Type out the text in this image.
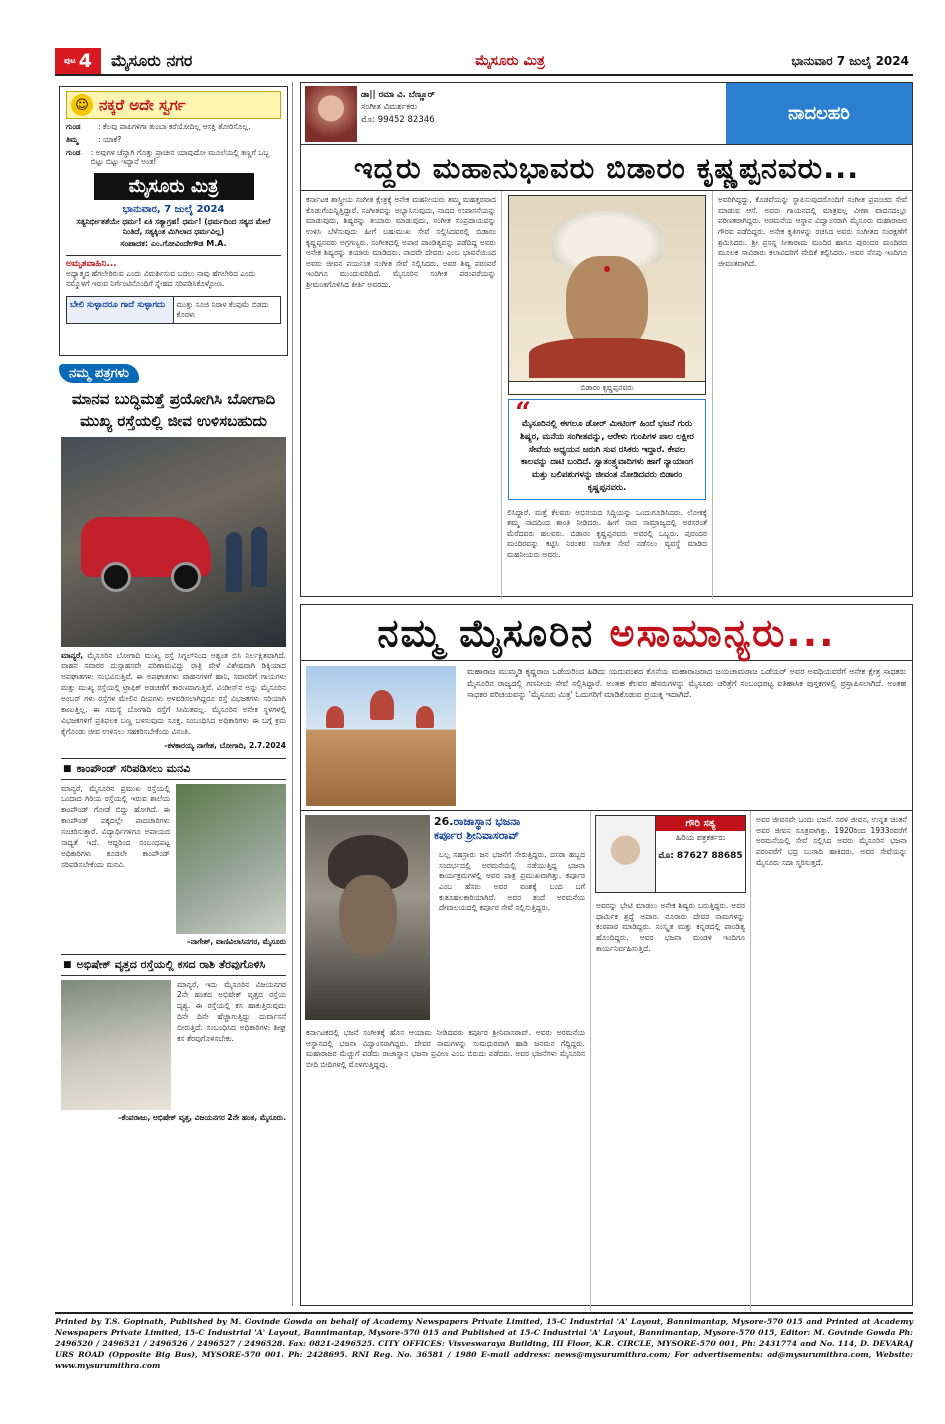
ಪುಟ 4 ಮೈಸೂರು ನಗರ	ಮೈಸೂರು ಮಿತ್ರ	ಭಾನುವಾರ 7 ಜುಲೈ 2024
☺ ನಕ್ಕರೆ ಅದೇ ಸ್ವರ್ಗ
ಗುಂಡ	: ಕೆಲವು ಪಾಪಿಗಳಿಗಾ ತುಂಬಾ ಕರೆಯೋದಿಲ್ಲ ಆಸಕ್ತಿ ತೋರಿಸೊಲ್ಲ.
ತಿಮ್ಮ	: ಯಾಕೆ?
ಗುಂಡ	: ಅವುಗಳ ಚೆನ್ನಾಗಿ ಗೊತ್ತು ಪ್ರಾಚೀನ ಯಾವುದೋ ಮೂಲೆಯಲ್ಲಿ ತಣ್ಣಗೆ ಒಬ್ಬ ಬಿಟ್ಟು ಬಿಟ್ಟು ಇದ್ದಾನೆ ಅಂತ!
ಮೈಸೂರು ಮಿತ್ರ
ಭಾನುವಾರ, 7 ಜುಲೈ 2024
ಸತ್ಯನಿರ್ಭೀತತೆಯೇ ಧರ್ಮ! ಏಕಿ ಸತ್ಯಾಗ್ರಹ! ಧರ್ಮ! (ಧರ್ಮದಿಂದ ಸತ್ಯದ ಮೇಲೆ ನಿಂತಿದೆ, ಸತ್ಯಕ್ಕಿಂತ ಮಿಗಿಲಾದ ಧರ್ಮವಿಲ್ಲ)
ಸಂಪಾದಕ: ಎಂ.ಗೋವಿಂದೇಗೌಡ M.A.
ಅಮೃತವಾಹಿನಿ...
ಅಧ್ಯಾತ್ಮದ ಹೆಗಲೇರಿರುವ ಎಂದು ವಿಮರ್ಶಿಸುವ ಬದಲು ನಾವು ಹೆಗಲೇರಿದ ಎಂದು ನಮ್ಮೊಳಗೆ ಇರುವ ನಿರ್ಗೆಂಟಿನೊಂದಿಗೆ ಸ್ನೇಹದ ಸರಿಪಡಿಸಿಕೊಳ್ಳೋಣ.
ಬೇಲಿ ಸುಳ್ಳಾದರೂ ಗಾದೆ ಸುಳ್ಳಾಗದು	ಮುತ್ತು ಸೂಜಿ ನಿರಾಳ ಕೆಂಪುಮೆ ಬಿಡದು ಕೊರಳು
ನಮ್ಮ ಪತ್ರಗಳು
ಮಾನವ ಬುದ್ಧಿಮತ್ತೆ ಪ್ರಯೋಗಿಸಿ ಬೋಗಾದಿ ಮುಖ್ಯ ರಸ್ತೆಯಲ್ಲಿ ಜೀವ ಉಳಿಸಬಹುದು
ಮಾನ್ಯರೆ, ಮೈಸೂರಿನ ಬೋಗಾದಿ ಮುಖ್ಯ ರಸ್ತೆ ಸಿಗ್ನಲ್‌ನಿಂದ ಅತ್ಯಂತ ಬಿಸಿ ನಿರ್ಲಕ್ಷಿತವಾಗಿದೆ. ವಾಹನ ಸವಾರರ ದುಸ್ಸಾಹಸವೇ ಪರಿಣಾಮವಿದ್ದು ರಾತ್ರಿ ವೇಳೆ ವಿಶೇಷವಾಗಿ ಡಿಕ್ಕಿಯಾದ ಅಪಘಾತಗಳು ಸಂಭವಿಸುತ್ತಿವೆ. ಈ ಅಪಘಾತಗಳು ವಾಹನಗಳಿಗೆ ಹಾನಿ, ಸವಾರರಿಗೆ ಗಾಯಗಳು ಮತ್ತು ಮುಖ್ಯ ರಸ್ತೆಯಲ್ಲಿ ಟ್ರಾಫಿಕ್ ಅಡಚಣೆಗೆ ಕಾರಣವಾಗುತ್ತಿವೆ. ವಿಂಡೀಸ್‌ನ ಅನ್ನು ಮೈಸೂರಿನ ಅಂಬರ್ ಗಳು ರಸ್ತೆಗಳ ಮೇಲಿನ ದೀಪಗಳು ಅಳವಡಿಸಲಾಗಿದ್ದರೂ ರಸ್ತೆ ವಿಭಜಕಗಳು ಸರಿಯಾಗಿ ಕಾಣುತ್ತಿಲ್ಲ. ಈ ಸಮಸ್ಯೆ ಬೋಗಾದಿ ರಸ್ತೆಗೆ ಸೀಮಿತವಲ್ಲ. ಮೈಸೂರಿನ ಅನೇಕ ಸ್ಥಳಗಳಲ್ಲಿ ವಿಭಜಕಗಳಿಗೆ ಪ್ರತಿಫಲಕ ಬಣ್ಣ ಬಳಸುವುದು ಸೂಕ್ತ. ಸಂಬಂಧಿಸಿದ ಅಧಿಕಾರಿಗಳು ಈ ಬಗ್ಗೆ ಕ್ರಮ ಕೈಗೊಂಡು ಜೀವ ಉಳಿಸಲು ಸಹಕರಿಸಬೇಕೆಂದು ವಿನಂತಿ.
–ಕಳಕಾರಯ್ಯ ನಾಗೇಶ, ಬೋಗಾದಿ, 2.7.2024
■ ಕಾಂಪೌಂಡ್ ಸರಿಪಡಿಸಲು ಮನವಿ
ಮಾನ್ಯರೆ, ಮೈಸೂರಿನ ಪ್ರಮುಖ ರಸ್ತೆಯಲ್ಲಿ ಒಂದಾದ ಗಿರಿಯ ರಸ್ತೆಯಲ್ಲಿ ಇರುವ ಶಾಲೆಯ ಕಾಂಪೌಂಡ್ ಗೋಡೆ ಬಿದ್ದು ಹೋಗಿದೆ. ಈ ಕಾಂಪೌಂಡ್ ಪಕ್ಕದಲ್ಲೇ ಪಾದಚಾರಿಗಳು ಸಂಚರಿಸುತ್ತಾರೆ. ವಿದ್ಯಾರ್ಥಿಗಳಿಗೂ ಅಪಾಯದ ಸಾಧ್ಯತೆ ಇದೆ. ಆದ್ದರಿಂದ ಸಂಬಂಧಪಟ್ಟ ಅಧಿಕಾರಿಗಳು ಕೂಡಲೇ ಕಾಂಪೌಂಡ್ ಸರಿಪಡಿಸಬೇಕೆಂದು ಮನವಿ.
–ನಾಗೇಶ್, ವಾಣಿವಿಲಾಸಿನಗರ, ಮೈಸೂರು
■ ಅಭಿಷೇಕ್ ವೃತ್ತದ ರಸ್ತೆಯಲ್ಲಿ ಕಸದ ರಾಶಿ ತೆರವುಗೊಳಿಸಿ
ಮಾನ್ಯರೆ, ಇದು ಮೈಸೂರಿನ ವಿಜಯನಗರ 2ನೇ ಹಂತದ ಅಭಿಷೇಕ್ ವೃತ್ತದ ರಸ್ತೆಯ ದೃಶ್ಯ. ಈ ರಸ್ತೆಯಲ್ಲಿ ಕಸ ಹಾಕುತ್ತಿರುವುದು ದಿನೇ ದಿನೇ ಹೆಚ್ಚಾಗುತ್ತಿದ್ದು ದುರ್ವಾಸನೆ ಬೀರುತ್ತಿದೆ. ಸಂಬಂಧಿಸಿದ ಅಧಿಕಾರಿಗಳು ಶೀಘ್ರ ಕಸ ತೆರವುಗೊಳಿಸಬೇಕು.
–ಕೆಂಪರಾಜು, ಅಭಿಷೇಕ್ ವೃತ್ತ, ವಿಜಯನಗರ 2ನೇ ಹಂತ, ಮೈಸೂರು.
ಡಾ|| ರಮಾ ವಿ. ಬೆಣ್ಣೂರ್
ಸಂಗೀತ ವಿಮರ್ಶಕರು
ಮೊ: 99452 82346	ನಾದಲಹರಿ
ಇದ್ದರು ಮಹಾನುಭಾವರು ಬಿಡಾರಂ ಕೃಷ್ಣಪ್ಪನವರು...
ಕರ್ನಾಟಕ ಶಾಸ್ತ್ರೀಯ ಸಂಗೀತ ಕ್ಷೇತ್ರಕ್ಕೆ ಅನೇಕ ಮಹನೀಯರು ತಮ್ಮ ಮಹತ್ತರವಾದ ಕೊಡುಗೆಯನ್ನಿತ್ತಿದ್ದಾರೆ. ಸಂಗೀತವನ್ನು ಅಭ್ಯಾಸಿಸುವುದು, ನಾದದ ಉಪಾಸನೆಯನ್ನು ಮಾಡುವುದು, ಶಿಷ್ಯರನ್ನು ತಯಾರು ಮಾಡುವುದು, ಸಂಗೀತ ಸಂಪ್ರದಾಯವನ್ನು ಉಳಿಸಿ ಬೆಳೆಸುವುದು ಹೀಗೆ ಬಹುಮುಖ ಸೇವೆ ಸಲ್ಲಿಸಿದವರಲ್ಲಿ ಬಿಡಾರಂ ಕೃಷ್ಣಪ್ಪನವರು ಅಗ್ರಗಣ್ಯರು. ಸಂಗೀತದಲ್ಲಿ ಅಪಾರ ಪಾಂಡಿತ್ಯವನ್ನು ಪಡೆದಿದ್ದ ಅವರು ಅನೇಕ ಶಿಷ್ಯರನ್ನು ತಯಾರು ಮಾಡಿದರು. ನಾದವೇ ದೇವರು ಎಂಬ ಭಾವನೆಯಿಂದ ಅವರು ಜೀವನ ಪರ್ಯಂತ ಸಂಗೀತ ಸೇವೆ ಸಲ್ಲಿಸಿದರು. ಅವರ ಶಿಷ್ಯ ಪರಂಪರೆ ಇಂದಿಗೂ ಮುಂದುವರಿದಿದೆ. ಮೈಸೂರಿನ ಸಂಗೀತ ಪರಂಪರೆಯನ್ನು ಶ್ರೀಮಂತಗೊಳಿಸಿದ ಕೀರ್ತಿ ಅವರದು.
ಬಿಡಾರಂ ಕೃಷ್ಣಪ್ಪನವರು
“
ಮೈಸೂರಿನಲ್ಲಿ ಈಗಲೂ ಡೋರ್ ಮೀಟಿಂಗ್ ಹಿಂದೆ ಭಜನೆ ಗುರು ಶಿಷ್ಯರ, ಮನೆಯ ಸಂಗೀತವನ್ನು, ಆರೇಳು ಗುಂಪಿಗಳ ಪಾಲ ಲಕ್ಷೀರ ಸೇವೆಯ ಅಧ್ಯಯನ ಜರುಗಿ ಸುವ ರಸಿಕರು ಇದ್ದಾರೆ. ಕೇವಲ ಕಾಲವನ್ನು ದಾಟಿ ಬಂದಿದೆ. ಸ್ವಾತಂತ್ರ್ಯವಾದಿಗಳು ಹಾಗೆ ನ್ಯಾಯಾಂಗ ಮತ್ತು ಬಲಿಪಶುಗಳನ್ನು ಜೀವಂತ ನೋಡಿದವರು ಬಿಡಾರಂ ಕೃಷ್ಣಪ್ಪನವರು.
ಲಿಸಿದ್ದಾರೆ. ಮತ್ತೆ ಕೆಲವರು ಅಭಿನಯದ ಸಿದ್ಧಿಯನ್ನು ಒಂದುಗೂಡಿಸಿದರು. ಲೋಕಕ್ಕೆ ತಮ್ಮ ನಾದದಿಂದ ಶಾಂತಿ ನೀಡಿದರು. ಹೀಗೆ ನಾದ ಸಾಮ್ರಾಜ್ಯದಲ್ಲಿ ಅರಸರಂತೆ ಮೆರೆದವರು ಹಲವರು. ಬಿಡಾರಂ ಕೃಷ್ಣಪ್ಪನವರು ಅವರಲ್ಲಿ ಒಬ್ಬರು. ಪುರಂದರ ಮಂದಿರವನ್ನು ಕಟ್ಟಿಸಿ ನಿರಂತರ ಸಂಗೀತ ಸೇವೆ ನಡೆಸಲು ವ್ಯವಸ್ಥೆ ಮಾಡಿದ ಮಹನೀಯರು ಅವರು.
ಅವರಿಗಿದ್ದದ್ದು, ಕೊಡವೆಯನ್ನು ಸ್ಥಾಪಿಸುವುದರೊಂದಿಗೆ ಸಂಗೀತ ಪ್ರಪಂಚದ ಸೇವೆ ಮಾಡುವ ಆಸೆ. ಅವರು ಗಾಯನದಲ್ಲಿ ಮಾತ್ರವಲ್ಲ ವೀಣಾ ವಾದನದಲ್ಲೂ ಪರಿಣತರಾಗಿದ್ದರು. ಅರಮನೆಯ ಆಸ್ಥಾನ ವಿದ್ವಾಂಸರಾಗಿ ಮೈಸೂರು ಮಹಾರಾಜರ ಗೌರವ ಪಡೆದಿದ್ದರು. ಅನೇಕ ಕೃತಿಗಳನ್ನು ರಚಿಸಿದ ಅವರು ಸಂಗೀತದ ಸಂರಕ್ಷಣೆಗೆ ಶ್ರಮಿಸಿದರು. ಶ್ರೀ ಪ್ರಸನ್ನ ಸೀತಾರಾಮ ಮಂದಿರ ಹಾಗೂ ಪುರಂದರ ಮಂದಿರದ ಮೂಲಕ ಸಾವಿರಾರು ಕಲಾವಿದರಿಗೆ ವೇದಿಕೆ ಕಲ್ಪಿಸಿದರು. ಅವರ ನೆನಪು ಇಂದಿಗೂ ಜೀವಂತವಾಗಿದೆ.
ನಮ್ಮ ಮೈಸೂರಿನ ಅಸಾಮಾನ್ಯರು...
ಮಹಾರಾಜ ಮುಮ್ಮಡಿ ಕೃಷ್ಣರಾಜ ಒಡೆಯರಿಂದ ಹಿಡಿದು ಯದುವಂಶದ ಕೊನೆಯ ಮಹಾರಾಜರಾದ ಜಯಚಾಮರಾಜ ಒಡೆಯರ್ ಅವರ ಅವಧಿಯವರೆಗೆ ಅನೇಕ ಕ್ಷೇತ್ರ ಸಾಧಕರು ಮೈಸೂರಿನ ರಾಜ್ಯದಲ್ಲಿ ಗಣನೀಯ ಸೇವೆ ಸಲ್ಲಿಸಿದ್ದಾರೆ. ಅಂತಹ ಕೆಲವರ ಹೆಸರುಗಳನ್ನು ಮೈಸೂರು ಚರಿತ್ರೆಗೆ ಸಂಬಂಧಪಟ್ಟ ಐತಿಹಾಸಿಕ ಪುಸ್ತಕಗಳಲ್ಲಿ ಪ್ರಸ್ತಾಪಿಸಲಾಗಿದೆ. ಅಂತಹ ಸಾಧಕರ ಪರಿಚಯವನ್ನು 'ಮೈಸೂರು ಮಿತ್ರ' ಓದುಗರಿಗೆ ಮಾಡಿಕೊಡುವ ಪ್ರಯತ್ನ ಇದಾಗಿದೆ.
26.ರಾಜಾಸ್ಥಾನ ಭಜನಾ
ಕರ್ಪೂರ ಶ್ರೀನಿವಾಸರಾವ್
ಬಲ್ಲ ಸಹಸ್ರಾರು ಜನ ಭಜನೆಗೆ ಸೇರುತ್ತಿದ್ದರು. ದಸರಾ ಹಬ್ಬದ ಸಂದರ್ಭದಲ್ಲಿ ಅರಮನೆಯಲ್ಲಿ ನಡೆಯುತ್ತಿದ್ದ ಭಜನಾ ಕಾರ್ಯಕ್ರಮಗಳಲ್ಲಿ ಅವರ ಪಾತ್ರ ಪ್ರಮುಖವಾಗಿತ್ತು. ಕರ್ಪೂರ ಎಂಬ ಹೆಸರು ಅವರ ವಂಶಕ್ಕೆ ಬಂದ ಬಗೆ ಕುತೂಹಲಕಾರಿಯಾಗಿದೆ. ಅವರ ತಂದೆ ಅರಮನೆಯ ದೇವಾಲಯದಲ್ಲಿ ಕರ್ಪೂರ ಸೇವೆ ಸಲ್ಲಿಸುತ್ತಿದ್ದರು.
ಕರ್ನಾಟಕದಲ್ಲಿ ಭಜನೆ ಸಂಗೀತಕ್ಕೆ ಹೊಸ ಆಯಾಮ ನೀಡಿದವರು ಕರ್ಪೂರ ಶ್ರೀನಿವಾಸರಾವ್. ಅವರು ಅರಮನೆಯ ಆಸ್ಥಾನದಲ್ಲಿ ಭಜನಾ ವಿದ್ವಾಂಸರಾಗಿದ್ದರು. ದೇವರ ನಾಮಗಳನ್ನು ಸುಮಧುರವಾಗಿ ಹಾಡಿ ಜನಮನ ಗೆದ್ದಿದ್ದರು. ಮಹಾರಾಜರ ಮೆಚ್ಚುಗೆ ಪಡೆದು ರಾಜಾಸ್ಥಾನ ಭಜನಾ ಪ್ರವೀಣ ಎಂಬ ಬಿರುದು ಪಡೆದರು. ಅವರ ಭಜನೆಗಳು ಮೈಸೂರಿನ ಬೀದಿ ಬೀದಿಗಳಲ್ಲಿ ಮೊಳಗುತ್ತಿದ್ದವು.
ಗೌರಿ ಸತ್ಯ
ಹಿರಿಯ ಪತ್ರಕರ್ತರು
ಮೊ: 87627 88685
ಅವರನ್ನು ಭೇಟಿ ಮಾಡಲು ಅನೇಕ ಶಿಷ್ಯರು ಬರುತ್ತಿದ್ದರು. ಅವರ ಧಾರ್ಮಿಕ ಶ್ರದ್ಧೆ ಅಪಾರ. ನೂರಾರು ದೇವರ ನಾಮಗಳನ್ನು ಕಂಠಪಾಠ ಮಾಡಿದ್ದರು. ಸಂಸ್ಕೃತ ಮತ್ತು ಕನ್ನಡದಲ್ಲಿ ಪಾಂಡಿತ್ಯ ಹೊಂದಿದ್ದರು. ಅವರ ಭಜನಾ ಮಂಡಳಿ ಇಂದಿಗೂ ಕಾರ್ಯನಿರ್ವಹಿಸುತ್ತಿದೆ.
ಅವರ ಜೀವನವೇ ಒಂದು ಭಜನೆ. ಸರಳ ಜೀವನ, ಉನ್ನತ ಚಿಂತನೆ ಅವರ ಜೀವನ ಸೂತ್ರವಾಗಿತ್ತು. 1920ರಿಂದ 1933ರವರೆಗೆ ಅರಮನೆಯಲ್ಲಿ ಸೇವೆ ಸಲ್ಲಿಸಿದ ಅವರು ಮೈಸೂರಿನ ಭಜನಾ ಪರಂಪರೆಗೆ ಭದ್ರ ಬುನಾದಿ ಹಾಕಿದರು. ಅವರ ಸೇವೆಯನ್ನು ಮೈಸೂರು ಸದಾ ಸ್ಮರಿಸುತ್ತದೆ.
Printed by T.S. Gopinath, Published by M. Govinde Gowda on behalf of Academy Newspapers Private Limited, 15-C Industrial 'A' Layout, Bannimantap, Mysore-570 015 and Printed at Academy Newspapers Private Limited, 15-C Industrial 'A' Layout, Bannimantap, Mysore-570 015 and Published at 15-C Industrial 'A' Layout, Bannimantap, Mysore-570 015, Editor: M. Govinde Gowda Ph: 2496520 / 2496521 / 2496526 / 2496527 / 2496528. Fax: 0821-2496525. CITY OFFICES: Visveswaraya Building, III Floor, K.R. CIRCLE, MYSORE-570 001, Ph: 2431774 and No. 114, D. DEVARAJ URS ROAD (Opposite Big Bus), MYSORE-570 001. Ph: 2428695. RNI Reg. No. 36581 / 1980 E-mail address: news@mysurumithra.com; For advertisements: ad@mysurumithra.com, Website: www.mysurumithra.com
